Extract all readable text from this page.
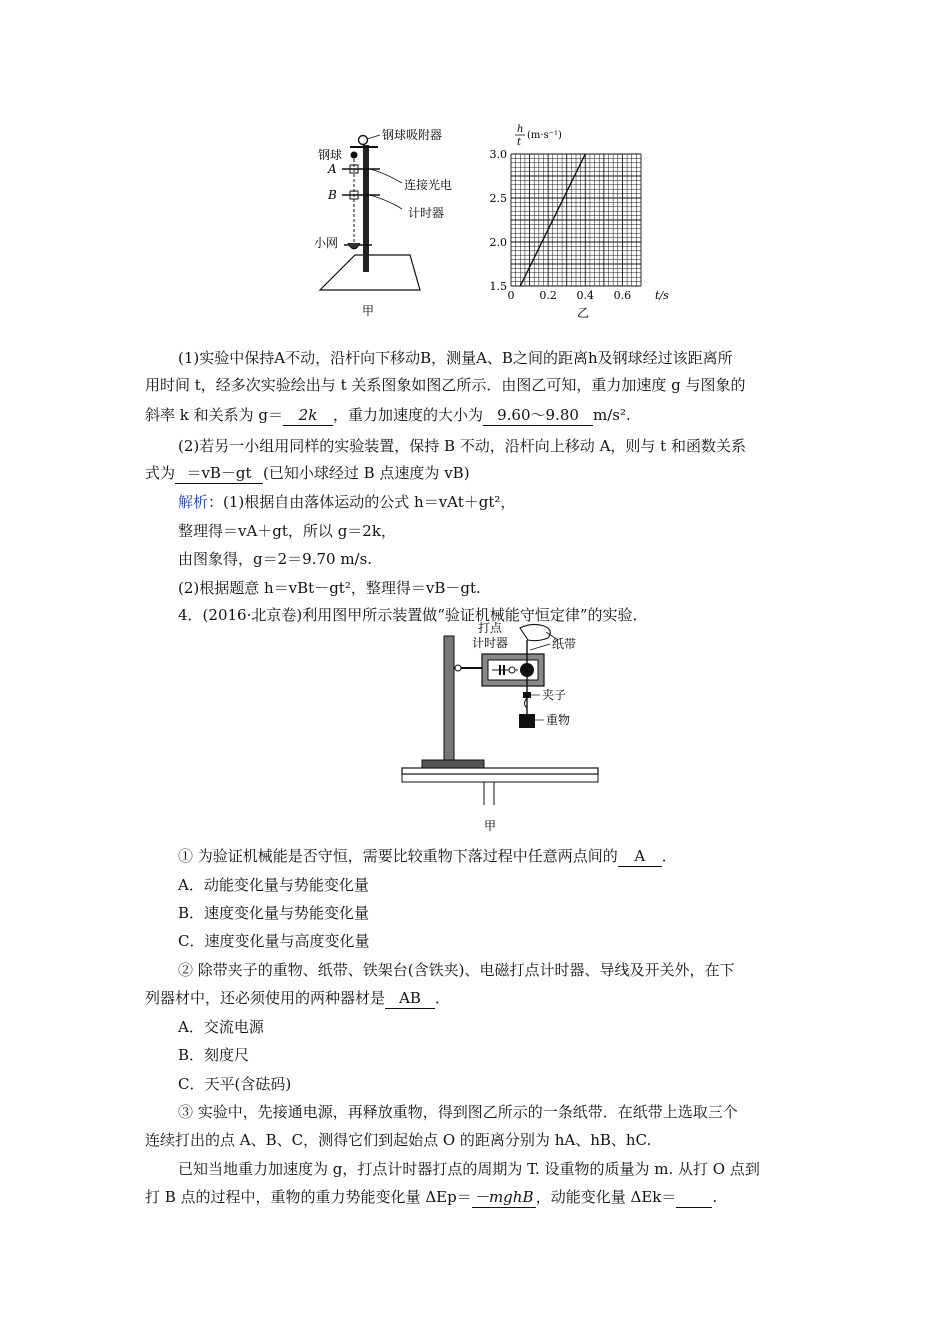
钢球吸附器
钢球
A
B
连接光电
计时器
小网
甲
1.5
2.0
2.5
3.0
0 0.2 0.4 0.6
h
t
(m·s⁻¹)
t/s
乙
(1)实验中保持A不动，沿杆向下移动B，测量A、B之间的距离h及钢球经过该距离所
用时间 t，经多次实验绘出与 t 关系图象如图乙所示．由图乙可知，重力加速度 g 与图象的
斜率 k 和关系为 g＝ 2k ，重力加速度的大小为 9.60～9.80 m/s².
(2)若另一小组用同样的实验装置，保持 B 不动，沿杆向上移动 A，则与 t 和函数关系
式为 ＝vB－gt (已知小球经过 B 点速度为 vB)
解析：(1)根据自由落体运动的公式 h＝vAt＋gt²，
整理得＝vA＋gt，所以 g＝2k，
由图象得，g＝2＝9.70 m/s.
(2)根据题意 h＝vBt－gt²，整理得＝vB－gt.
4．(2016·北京卷)利用图甲所示装置做“验证机械能守恒定律”的实验．
打点
计时器	纸带
夹子
重物
甲
① 为验证机械能是否守恒，需要比较重物下落过程中任意两点间的 A ．
A．动能变化量与势能变化量
B．速度变化量与势能变化量
C．速度变化量与高度变化量
② 除带夹子的重物、纸带、铁架台(含铁夹)、电磁打点计时器、导线及开关外，在下
列器材中，还必须使用的两种器材是 AB ．
A．交流电源
B．刻度尺
C．天平(含砝码)
③ 实验中，先接通电源，再释放重物，得到图乙所示的一条纸带．在纸带上选取三个
连续打出的点 A、B、C，测得它们到起始点 O 的距离分别为 hA、hB、hC.
已知当地重力加速度为 g，打点计时器打点的周期为 T. 设重物的质量为 m. 从打 O 点到
打 B 点的过程中，重物的重力势能变化量 ΔEp＝ －mghB ，动能变化量 ΔEk＝ .
